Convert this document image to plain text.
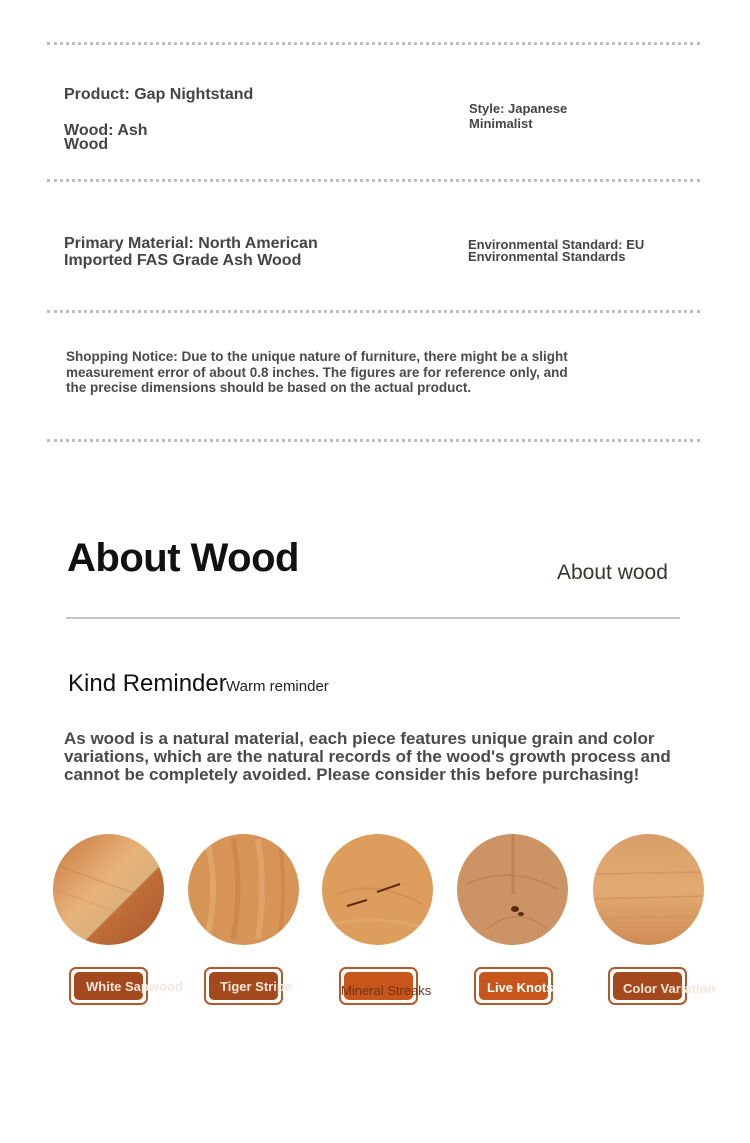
Product: Gap Nightstand
Wood: Ash
Wood
Style: Japanese
Minimalist
Primary Material: North American
Imported FAS Grade Ash Wood
Environmental Standard: EU
Environmental Standards
Shopping Notice: Due to the unique nature of furniture, there might be a slight
measurement error of about 0.8 inches. The figures are for reference only, and
the precise dimensions should be based on the actual product.
About Wood	About wood
Kind Reminder Warm reminder
As wood is a natural material, each piece features unique grain and color
variations, which are the natural records of the wood's growth process and
cannot be completely avoided. Please consider this before purchasing!
White Sapwood	Tiger Stripe	Mineral Streaks	Live Knots	Color Variation
